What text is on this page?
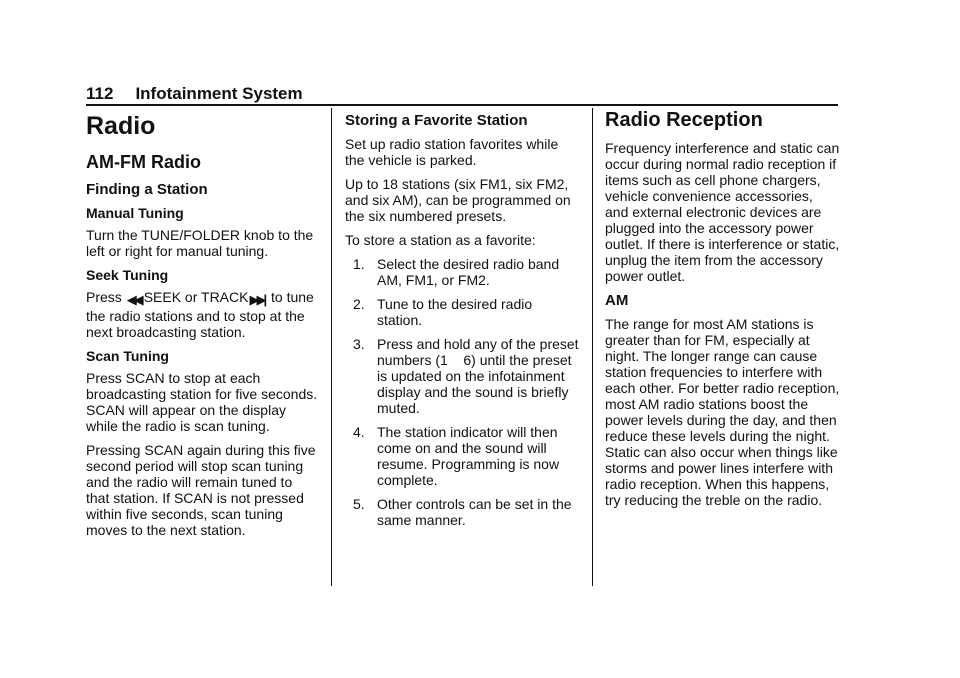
112 Infotainment System
Radio
AM-FM Radio
Finding a Station
Manual Tuning

Turn the TUNE/FOLDER knob to the left or right for manual tuning.

Seek Tuning

Press ◀◀ SEEK or TRACK▶▶| to tune the radio stations and to stop at the next broadcasting station.

Scan Tuning

Press SCAN to stop at each broadcasting station for five seconds. SCAN will appear on the display while the radio is scan tuning.

Pressing SCAN again during this five second period will stop scan tuning and the radio will remain tuned to that station. If SCAN is not pressed within five seconds, scan tuning moves to the next station.

Storing a Favorite Station

Set up radio station favorites while the vehicle is parked.

Up to 18 stations (six FM1, six FM2, and six AM), can be programmed on the six numbered presets.

To store a station as a favorite:

1. Select the desired radio band AM, FM1, or FM2.
2. Tune to the desired radio station.
3. Press and hold any of the preset numbers (1    6) until the preset is updated on the infotainment display and the sound is briefly muted.
4. The station indicator will then come on and the sound will resume. Programming is now complete.
5. Other controls can be set in the same manner.
Radio Reception

Frequency interference and static can occur during normal radio reception if items such as cell phone chargers, vehicle convenience accessories, and external electronic devices are plugged into the accessory power outlet. If there is interference or static, unplug the item from the accessory power outlet.

AM

The range for most AM stations is greater than for FM, especially at night. The longer range can cause station frequencies to interfere with each other. For better radio reception, most AM radio stations boost the power levels during the day, and then reduce these levels during the night. Static can also occur when things like storms and power lines interfere with radio reception. When this happens, try reducing the treble on the radio.
